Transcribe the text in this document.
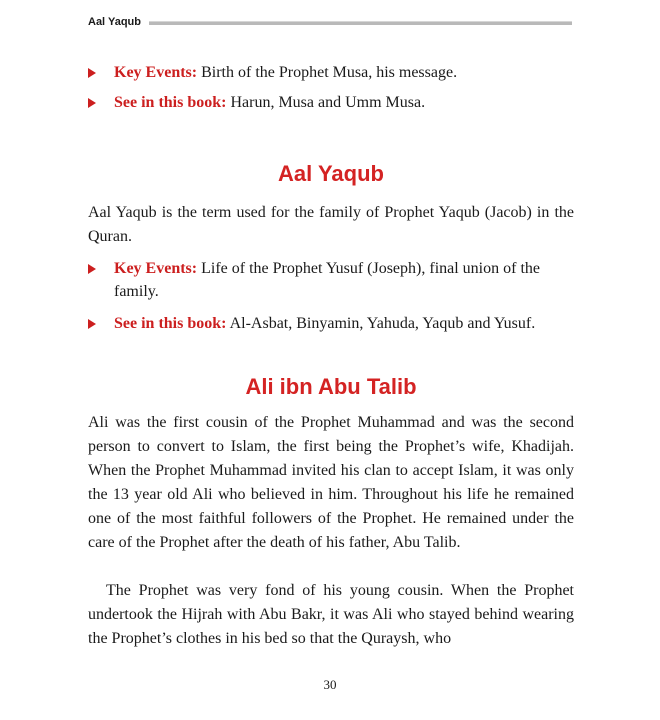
Aal Yaqub
Key Events: Birth of the Prophet Musa, his message.
See in this book: Harun, Musa and Umm Musa.
Aal Yaqub

Aal Yaqub is the term used for the family of Prophet Yaqub (Jacob) in the Quran.

Key Events: Life of the Prophet Yusuf (Joseph), final union of the family.
See in this book: Al-Asbat, Binyamin, Yahuda, Yaqub and Yusuf.
Ali ibn Abu Talib

Ali was the first cousin of the Prophet Muhammad and was the second person to convert to Islam, the first being the Prophet’s wife, Khadijah. When the Prophet Muhammad invited his clan to accept Islam, it was only the 13 year old Ali who believed in him. Throughout his life he remained one of the most faithful followers of the Prophet. He remained under the care of the Prophet after the death of his father, Abu Talib.

The Prophet was very fond of his young cousin. When the Prophet undertook the Hijrah with Abu Bakr, it was Ali who stayed behind wearing the Prophet’s clothes in his bed so that the Quraysh, who

30
